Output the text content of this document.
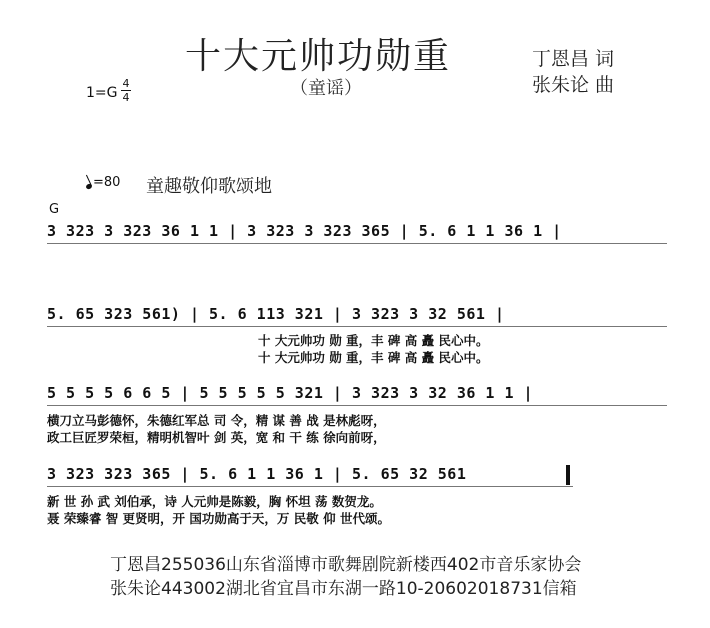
十大元帅功勋重
（童谣）
丁恩昌 词
张朱论 曲
1=G
4
4
=80 童趣敬仰歌颂地
G
3 323 3 323 36 1 1 | 3 323 3 323 365 | 5. 6 1 1 36 1 |
5. 65 323 561) | 5. 6 113 321 | 3 323 3 32 561 |
十 大元帅功 勋 重，丰 碑 高 矗 民心中。
十 大元帅功 勋 重，丰 碑 高 矗 民心中。
5 5 5 5 6 6 5 | 5 5 5 5 5 321 | 3 323 3 32 36 1 1 |
横刀立马彭德怀，朱德红军总 司 令，精 谋 善 战 是林彪呀，
政工巨匠罗荣桓，精明机智叶 剑 英，宽 和 干 练 徐向前呀，
3 323 323 365 | 5. 6 1 1 36 1 | 5. 65 32 561
新 世 孙 武 刘伯承，诗 人元帅是陈毅，胸 怀坦 荡 数贺龙。
聂 荣臻睿 智 更贤明，开 国功勋高于天，万 民敬 仰 世代颂。
丁恩昌255036山东省淄博市歌舞剧院新楼西402市音乐家协会
张朱论443002湖北省宜昌市东湖一路10-20602018731信箱
